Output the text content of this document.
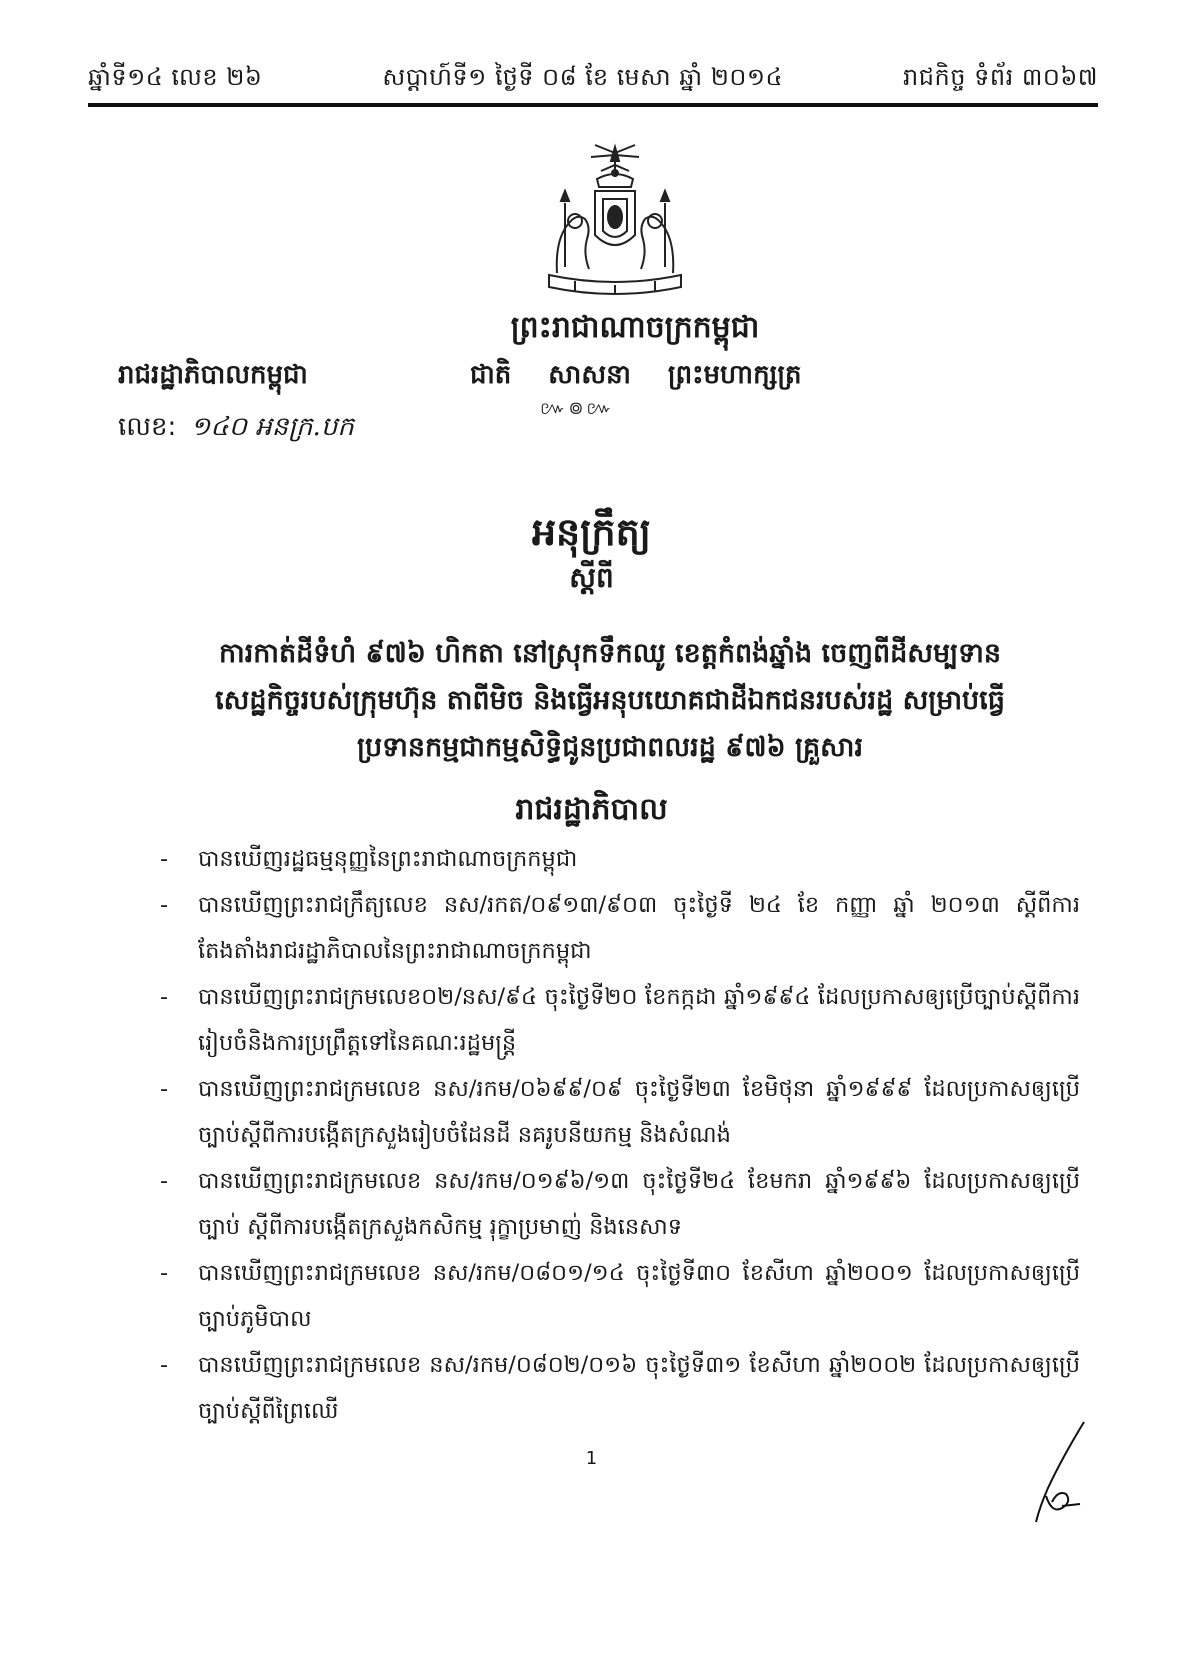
ឆ្នាំទី១៤ លេខ ២៦	សប្ដាហ៍ទី១ ថ្ងៃទី ០៨ ខែ មេសា ឆ្នាំ ២០១៤	រាជកិច្ច ទំព័រ ៣០៦៧
ព្រះរាជាណាចក្រកម្ពុជា
រាជរដ្ឋាភិបាលកម្ពុជា	ជាតិ សាសនា ព្រះមហាក្សត្រ
៚៙៚
លេខ: ១៤០ អនក្រ.បក
អនុក្រឹត្យ
ស្ដីពី
ការកាត់ដីទំហំ ៩៧៦ ហិកតា នៅស្រុកទឹកឈូ ខេត្តកំពង់ឆ្នាំង ចេញពីដីសម្បទាន
សេដ្ឋកិច្ចរបស់ក្រុមហ៊ុន តាពីមិច និងធ្វើអនុបយោគជាដីឯកជនរបស់រដ្ឋ សម្រាប់ធ្វើ
ប្រទានកម្មជាកម្មសិទ្ធិជូនប្រជាពលរដ្ឋ ៩៧៦ គ្រួសារ
រាជរដ្ឋាភិបាល
- បានឃើញរដ្ឋធម្មនុញ្ញនៃព្រះរាជាណាចក្រកម្ពុជា
- បានឃើញព្រះរាជក្រឹត្យលេខ នស/រកត/០៩១៣/៩០៣ ចុះថ្ងៃទី ២៤ ខែ កញ្ញា ឆ្នាំ ២០១៣ ស្ដីពីការតែងតាំងរាជរដ្ឋាភិបាលនៃព្រះរាជាណាចក្រកម្ពុជា
- បានឃើញព្រះរាជក្រមលេខ០២/នស/៩៤ ចុះថ្ងៃទី២០ ខែកក្កដា ឆ្នាំ១៩៩៤ ដែលប្រកាសឲ្យប្រើច្បាប់ស្ដីពីការរៀបចំនិងការប្រព្រឹត្តទៅនៃគណៈរដ្ឋមន្ត្រី
- បានឃើញព្រះរាជក្រមលេខ នស/រកម/០៦៩៩/០៩ ចុះថ្ងៃទី២៣ ខែមិថុនា ឆ្នាំ១៩៩៩ ដែលប្រកាសឲ្យប្រើច្បាប់ស្ដីពីការបង្កើតក្រសួងរៀបចំដែនដី នគរូបនីយកម្ម និងសំណង់
- បានឃើញព្រះរាជក្រមលេខ នស/រកម/០១៩៦/១៣ ចុះថ្ងៃទី២៤ ខែមករា ឆ្នាំ១៩៩៦ ដែលប្រកាសឲ្យប្រើច្បាប់ ស្ដីពីការបង្កើតក្រសួងកសិកម្ម រុក្ខាប្រមាញ់ និងនេសាទ
- បានឃើញព្រះរាជក្រមលេខ នស/រកម/០៨០១/១៤ ចុះថ្ងៃទី៣០ ខែសីហា ឆ្នាំ២០០១ ដែលប្រកាសឲ្យប្រើច្បាប់ភូមិបាល
- បានឃើញព្រះរាជក្រមលេខ នស/រកម/០៨០២/០១៦ ចុះថ្ងៃទី៣១ ខែសីហា ឆ្នាំ២០០២ ដែលប្រកាសឲ្យប្រើច្បាប់ស្ដីពីព្រៃឈើ
1
